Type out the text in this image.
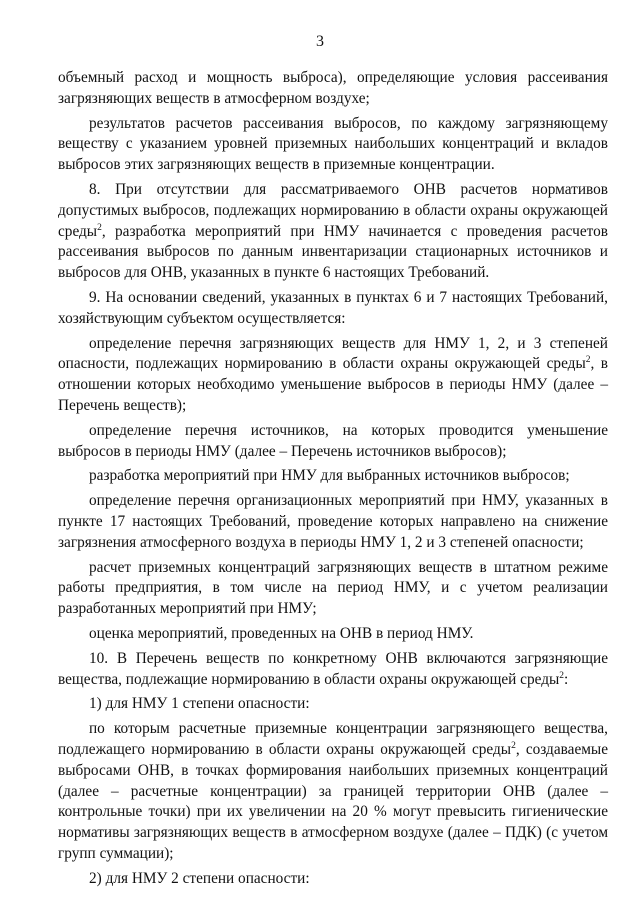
3

объемный расход и мощность выброса), определяющие условия рассеивания загрязняющих веществ в атмосферном воздухе;

результатов расчетов рассеивания выбросов, по каждому загрязняющему веществу с указанием уровней приземных наибольших концентраций и вкладов выбросов этих загрязняющих веществ в приземные концентрации.

8. При отсутствии для рассматриваемого ОНВ расчетов нормативов допустимых выбросов, подлежащих нормированию в области охраны окружающей среды$^2$, разработка мероприятий при НМУ начинается с проведения расчетов рассеивания выбросов по данным инвентаризации стационарных источников и выбросов для ОНВ, указанных в пункте 6 настоящих Требований.

9. На основании сведений, указанных в пунктах 6 и 7 настоящих Требований, хозяйствующим субъектом осуществляется:

определение перечня загрязняющих веществ для НМУ 1, 2, и 3 степеней опасности, подлежащих нормированию в области охраны окружающей среды$^2$, в отношении которых необходимо уменьшение выбросов в периоды НМУ (далее – Перечень веществ);

определение перечня источников, на которых проводится уменьшение выбросов в периоды НМУ (далее – Перечень источников выбросов);

разработка мероприятий при НМУ для выбранных источников выбросов;

определение перечня организационных мероприятий при НМУ, указанных в пункте 17 настоящих Требований, проведение которых направлено на снижение загрязнения атмосферного воздуха в периоды НМУ 1, 2 и 3 степеней опасности;

расчет приземных концентраций загрязняющих веществ в штатном режиме работы предприятия, в том числе на период НМУ, и с учетом реализации разработанных мероприятий при НМУ;

оценка мероприятий, проведенных на ОНВ в период НМУ.

10. В Перечень веществ по конкретному ОНВ включаются загрязняющие вещества, подлежащие нормированию в области охраны окружающей среды$^2$:

1) для НМУ 1 степени опасности:

по которым расчетные приземные концентрации загрязняющего вещества, подлежащего нормированию в области охраны окружающей среды$^2$, создаваемые выбросами ОНВ, в точках формирования наибольших приземных концентраций (далее – расчетные концентрации) за границей территории ОНВ (далее – контрольные точки) при их увеличении на 20 % могут превысить гигиенические нормативы загрязняющих веществ в атмосферном воздухе (далее – ПДК) (с учетом групп суммации);

2) для НМУ 2 степени опасности:
